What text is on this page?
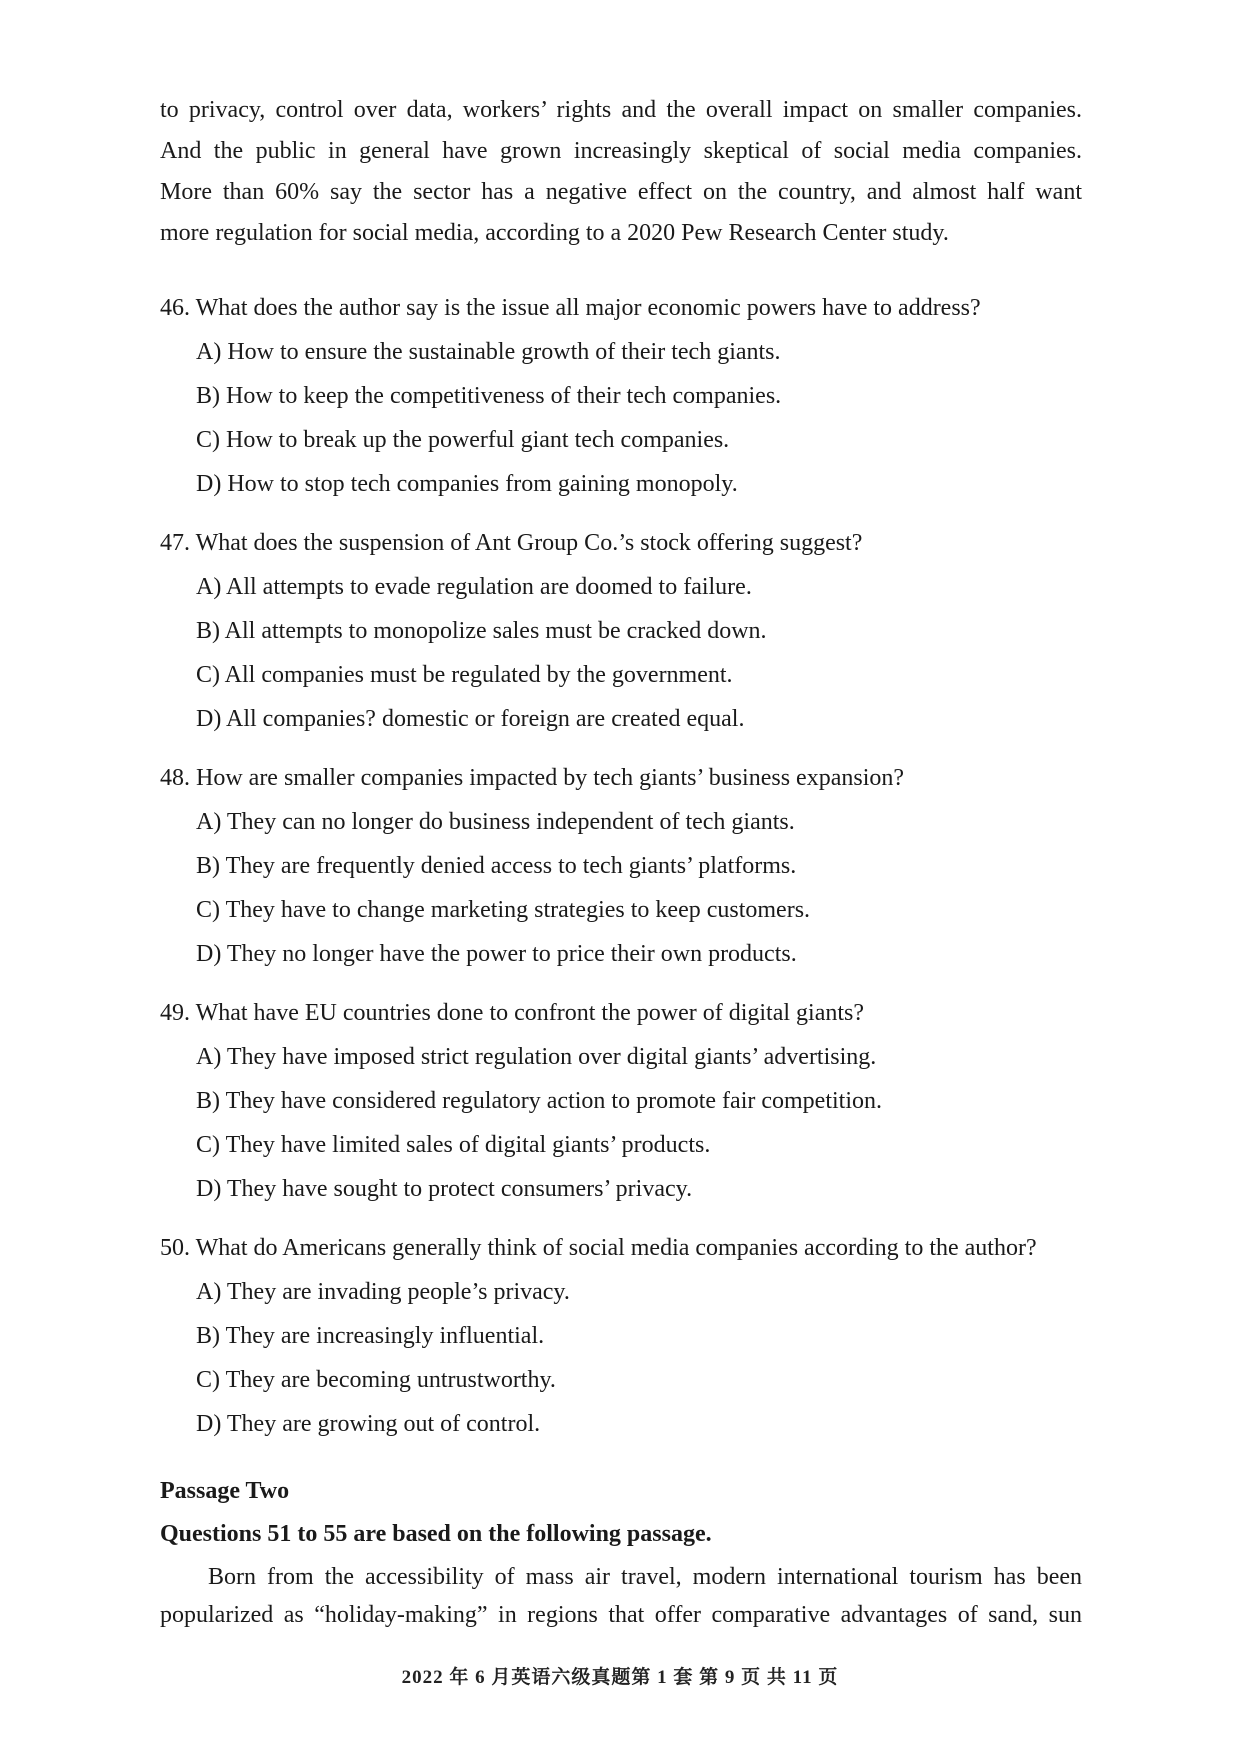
to privacy, control over data, workers’ rights and the overall impact on smaller companies.
And the public in general have grown increasingly skeptical of social media companies.
More than 60% say the sector has a negative effect on the country, and almost half want
more regulation for social media, according to a 2020 Pew Research Center study.

46. What does the author say is the issue all major economic powers have to address?
A) How to ensure the sustainable growth of their tech giants.
B) How to keep the competitiveness of their tech companies.
C) How to break up the powerful giant tech companies.
D) How to stop tech companies from gaining monopoly.
47. What does the suspension of Ant Group Co.’s stock offering suggest?
A) All attempts to evade regulation are doomed to failure.
B) All attempts to monopolize sales must be cracked down.
C) All companies must be regulated by the government.
D) All companies? domestic or foreign are created equal.
48. How are smaller companies impacted by tech giants’ business expansion?
A) They can no longer do business independent of tech giants.
B) They are frequently denied access to tech giants’ platforms.
C) They have to change marketing strategies to keep customers.
D) They no longer have the power to price their own products.
49. What have EU countries done to confront the power of digital giants?
A) They have imposed strict regulation over digital giants’ advertising.
B) They have considered regulatory action to promote fair competition.
C) They have limited sales of digital giants’ products.
D) They have sought to protect consumers’ privacy.
50. What do Americans generally think of social media companies according to the author?
A) They are invading people’s privacy.
B) They are increasingly influential.
C) They are becoming untrustworthy.
D) They are growing out of control.
Passage Two
Questions 51 to 55 are based on the following passage.

Born from the accessibility of mass air travel, modern international tourism has been
popularized as “holiday-making” in regions that offer comparative advantages of sand, sun

2022 年 6 月英语六级真题第 1 套 第 9 页 共 11 页
